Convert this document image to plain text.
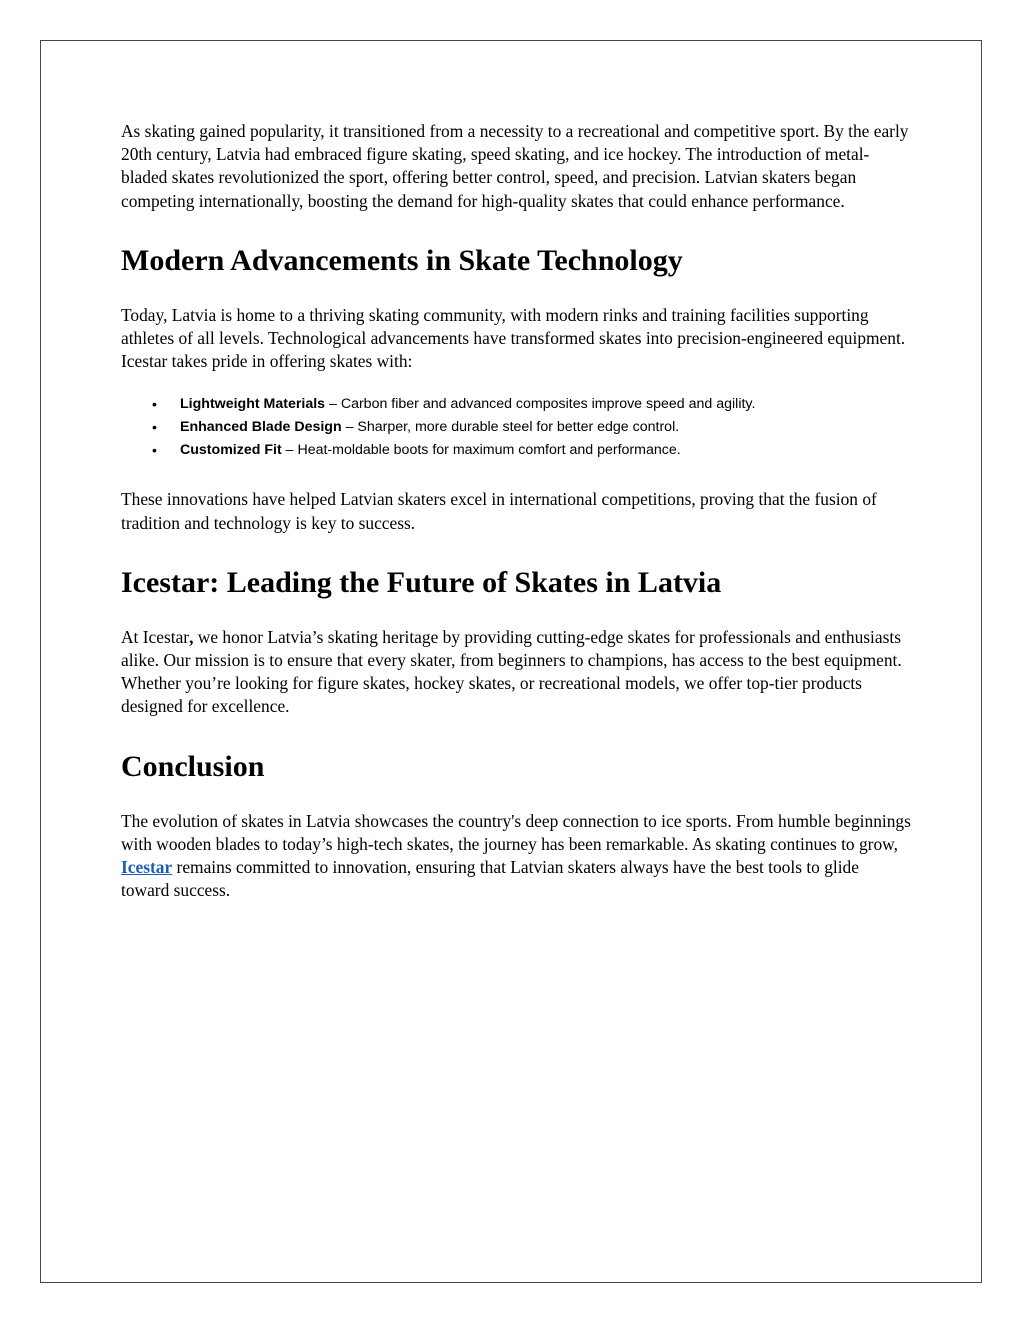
As skating gained popularity, it transitioned from a necessity to a recreational and competitive sport. By the early 20th century, Latvia had embraced figure skating, speed skating, and ice hockey. The introduction of metal-bladed skates revolutionized the sport, offering better control, speed, and precision. Latvian skaters began competing internationally, boosting the demand for high-quality skates that could enhance performance.

Modern Advancements in Skate Technology

Today, Latvia is home to a thriving skating community, with modern rinks and training facilities supporting athletes of all levels. Technological advancements have transformed skates into precision-engineered equipment. Icestar takes pride in offering skates with:

• Lightweight Materials – Carbon fiber and advanced composites improve speed and agility.
• Enhanced Blade Design – Sharper, more durable steel for better edge control.
• Customized Fit – Heat-moldable boots for maximum comfort and performance.

These innovations have helped Latvian skaters excel in international competitions, proving that the fusion of tradition and technology is key to success.

Icestar: Leading the Future of Skates in Latvia

At Icestar, we honor Latvia’s skating heritage by providing cutting-edge skates for professionals and enthusiasts alike. Our mission is to ensure that every skater, from beginners to champions, has access to the best equipment. Whether you’re looking for figure skates, hockey skates, or recreational models, we offer top-tier products designed for excellence.

Conclusion

The evolution of skates in Latvia showcases the country's deep connection to ice sports. From humble beginnings with wooden blades to today’s high-tech skates, the journey has been remarkable. As skating continues to grow, Icestar remains committed to innovation, ensuring that Latvian skaters always have the best tools to glide toward success.
